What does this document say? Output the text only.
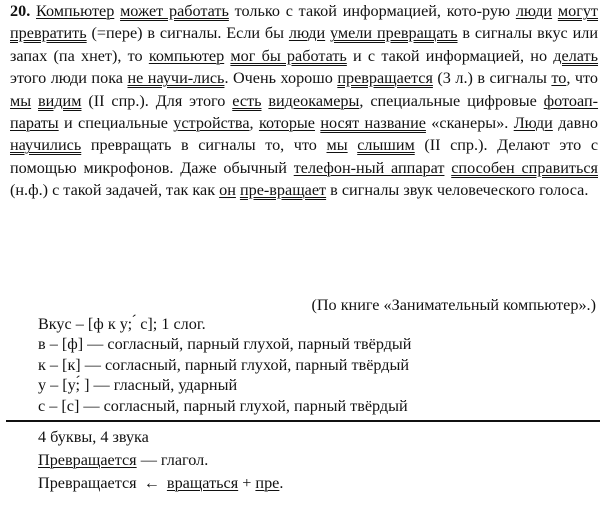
20. Компьютер может работать только с такой информацией, кото-рую люди могут превратить (=пере) в сигналы. Если бы люди умели превращать в сигналы вкус или запах (па хнет), то компьютер мог бы работать и с такой информацией, но делать этого люди пока не научи-лись. Очень хорошо превращается (3 л.) в сигналы то, что мы видим (II спр.). Для этого есть видеокамеры, специальные цифровые фотоап-параты и специальные устройства, которые носят название «сканеры». Люди давно научились превращать в сигналы то, что мы слышим (II спр.). Делают это с помощью микрофонов. Даже обычный телефон-ный аппарат способен справиться (н.ф.) с такой задачей, так как он пре-вращает в сигналы звук человеческого голоса.
(По книге «Занимательный компьютер».)
Вкус – [ф к у; ́ с]; 1 слог.
в – [ф] — согласный, парный глухой, парный твёрдый
к – [к] — согласный, парный глухой, парный твёрдый
у – [у;́ ] — гласный, ударный
с – [с] — согласный, парный глухой, парный твёрдый
4 буквы, 4 звука
Превращается — глагол.
Превращается ← вращаться + пре.
